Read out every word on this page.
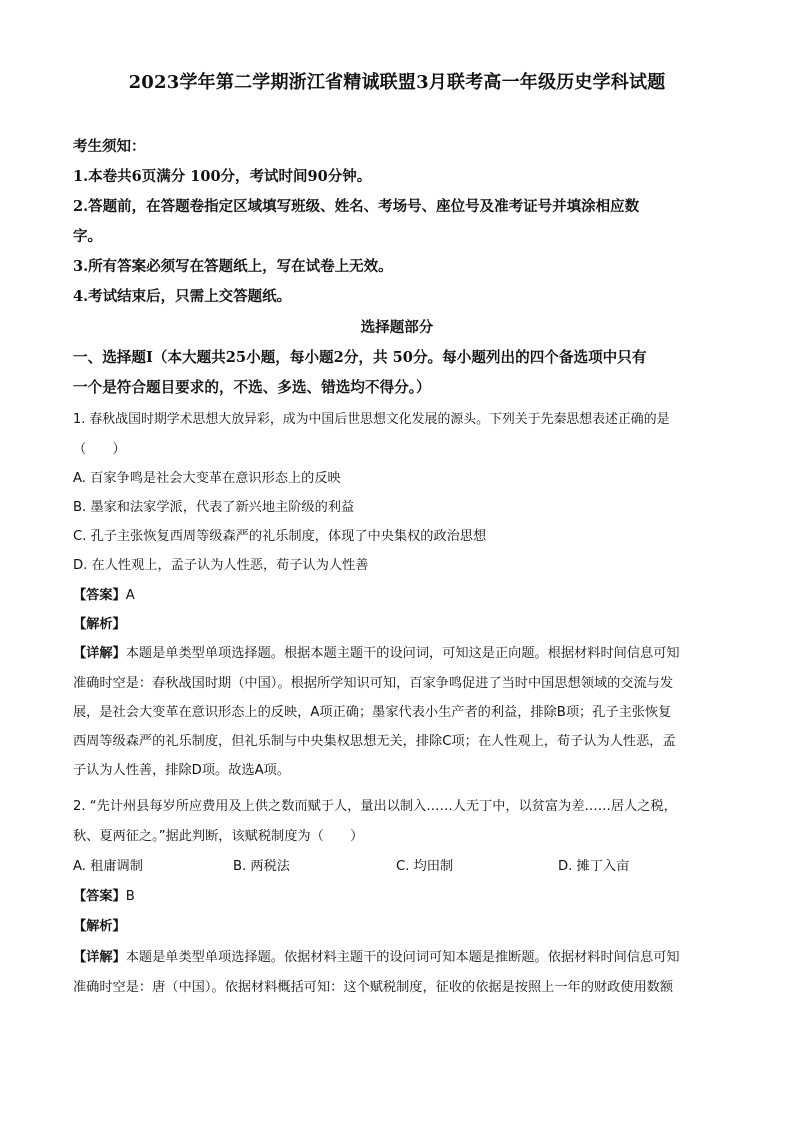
2023学年第二学期浙江省精诚联盟3月联考高一年级历史学科试题
考生须知：
1.本卷共6页满分 100分，考试时间90分钟。
2.答题前，在答题卷指定区域填写班级、姓名、考场号、座位号及准考证号并填涂相应数
字。
3.所有答案必须写在答题纸上，写在试卷上无效。
4.考试结束后，只需上交答题纸。
选择题部分
一、选择题Ⅰ（本大题共25小题，每小题2分，共 50分。每小题列出的四个备选项中只有
一个是符合题目要求的，不选、多选、错选均不得分。）
1. 春秋战国时期学术思想大放异彩，成为中国后世思想文化发展的源头。下列关于先秦思想表述正确的是
（　　）
A. 百家争鸣是社会大变革在意识形态上的反映
B. 墨家和法家学派，代表了新兴地主阶级的利益
C. 孔子主张恢复西周等级森严的礼乐制度，体现了中央集权的政治思想
D. 在人性观上，孟子认为人性恶，荀子认为人性善
【答案】A
【解析】
【详解】本题是单类型单项选择题。根据本题主题干的设问词，可知这是正向题。根据材料时间信息可知
准确时空是：春秋战国时期（中国）。根据所学知识可知，百家争鸣促进了当时中国思想领域的交流与发
展，是社会大变革在意识形态上的反映，A项正确；墨家代表小生产者的利益，排除B项；孔子主张恢复
西周等级森严的礼乐制度，但礼乐制与中央集权思想无关，排除C项；在人性观上，荀子认为人性恶，孟
子认为人性善，排除D项。故选A项。
2. “先计州县每岁所应费用及上供之数而赋于人，量出以制入……人无丁中，以贫富为差……居人之税，
秋、夏两征之。”据此判断，该赋税制度为（　　）
A. 租庸调制	B. 两税法	C. 均田制	D. 摊丁入亩
【答案】B
【解析】
【详解】本题是单类型单项选择题。依据材料主题干的设问词可知本题是推断题。依据材料时间信息可知
准确时空是：唐（中国）。依据材料概括可知：这个赋税制度，征收的依据是按照上一年的财政使用数额
